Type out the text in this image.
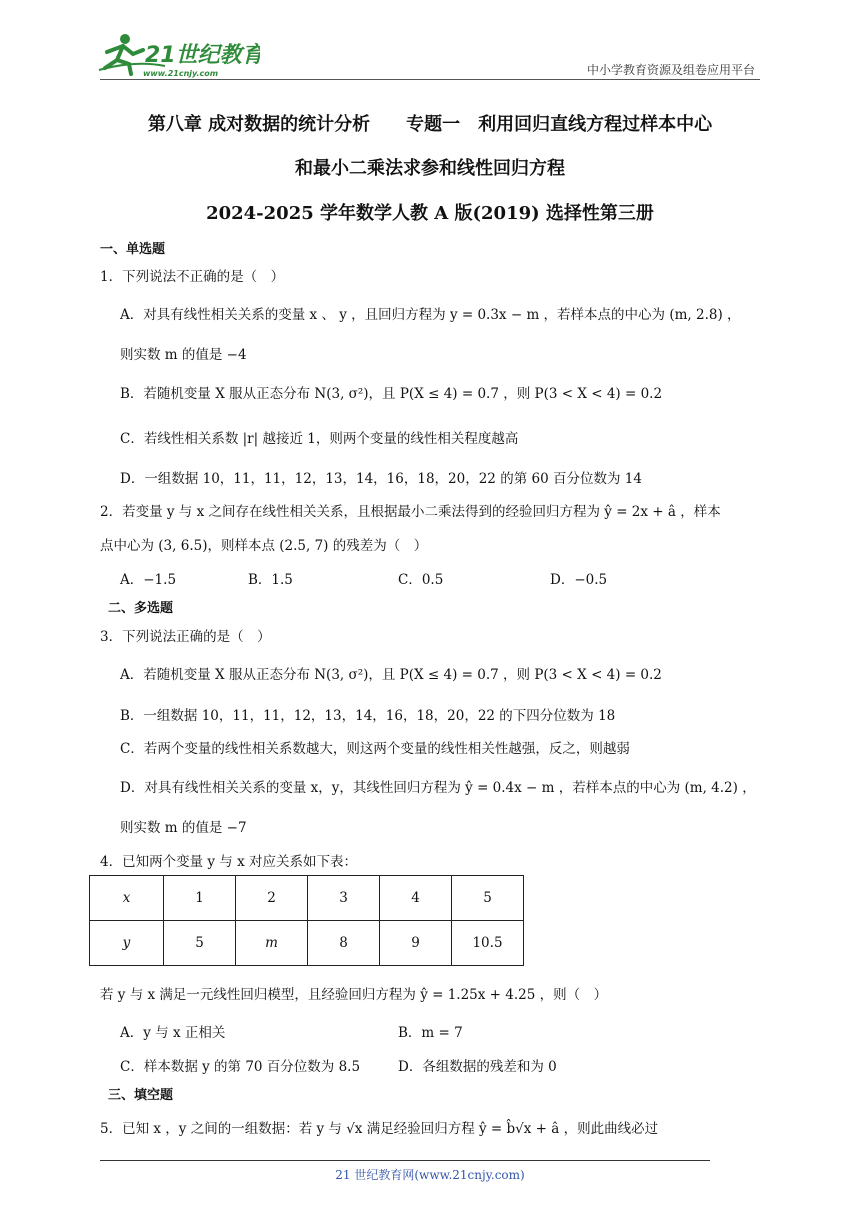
21世纪教育
www.21cnjy.com	中小学教育资源及组卷应用平台
第八章 成对数据的统计分析　　专题一　利用回归直线方程过样本中心
和最小二乘法求参和线性回归方程
2024-2025 学年数学人教 A 版(2019) 选择性第三册
一、单选题
1．下列说法不正确的是（　）
A．对具有线性相关关系的变量 x 、 y ，且回归方程为 y = 0.3x − m ，若样本点的中心为 (m, 2.8) ，
则实数 m 的值是 −4
B．若随机变量 X 服从正态分布 N(3, σ²)，且 P(X ≤ 4) = 0.7 ，则 P(3 < X < 4) = 0.2
C．若线性相关系数 |r| 越接近 1，则两个变量的线性相关程度越高
D．一组数据 10，11，11，12，13，14，16，18，20，22 的第 60 百分位数为 14
2．若变量 y 与 x 之间存在线性相关关系，且根据最小二乘法得到的经验回归方程为 ŷ = 2x + â ，样本
点中心为 (3, 6.5)，则样本点 (2.5, 7) 的残差为（　）
A．−1.5	B．1.5	C．0.5	D．−0.5
二、多选题
3．下列说法正确的是（　）
A．若随机变量 X 服从正态分布 N(3, σ²)，且 P(X ≤ 4) = 0.7 ，则 P(3 < X < 4) = 0.2
B．一组数据 10，11，11，12，13，14，16，18，20，22 的下四分位数为 18
C．若两个变量的线性相关系数越大，则这两个变量的线性相关性越强，反之，则越弱
D．对具有线性相关关系的变量 x，y，其线性回归方程为 ŷ = 0.4x − m ，若样本点的中心为 (m, 4.2) ，
则实数 m 的值是 −7
4．已知两个变量 y 与 x 对应关系如下表：
x	1	2	3	4	5
y	5	m	8	9	10.5
若 y 与 x 满足一元线性回归模型，且经验回归方程为 ŷ = 1.25x + 4.25 ，则（　）
A．y 与 x 正相关	B．m = 7
C．样本数据 y 的第 70 百分位数为 8.5	D．各组数据的残差和为 0
三、填空题
5．已知 x ，y 之间的一组数据：若 y 与 √x 满足经验回归方程 ŷ = b̂√x + â ，则此曲线必过
21 世纪教育网(www.21cnjy.com)
